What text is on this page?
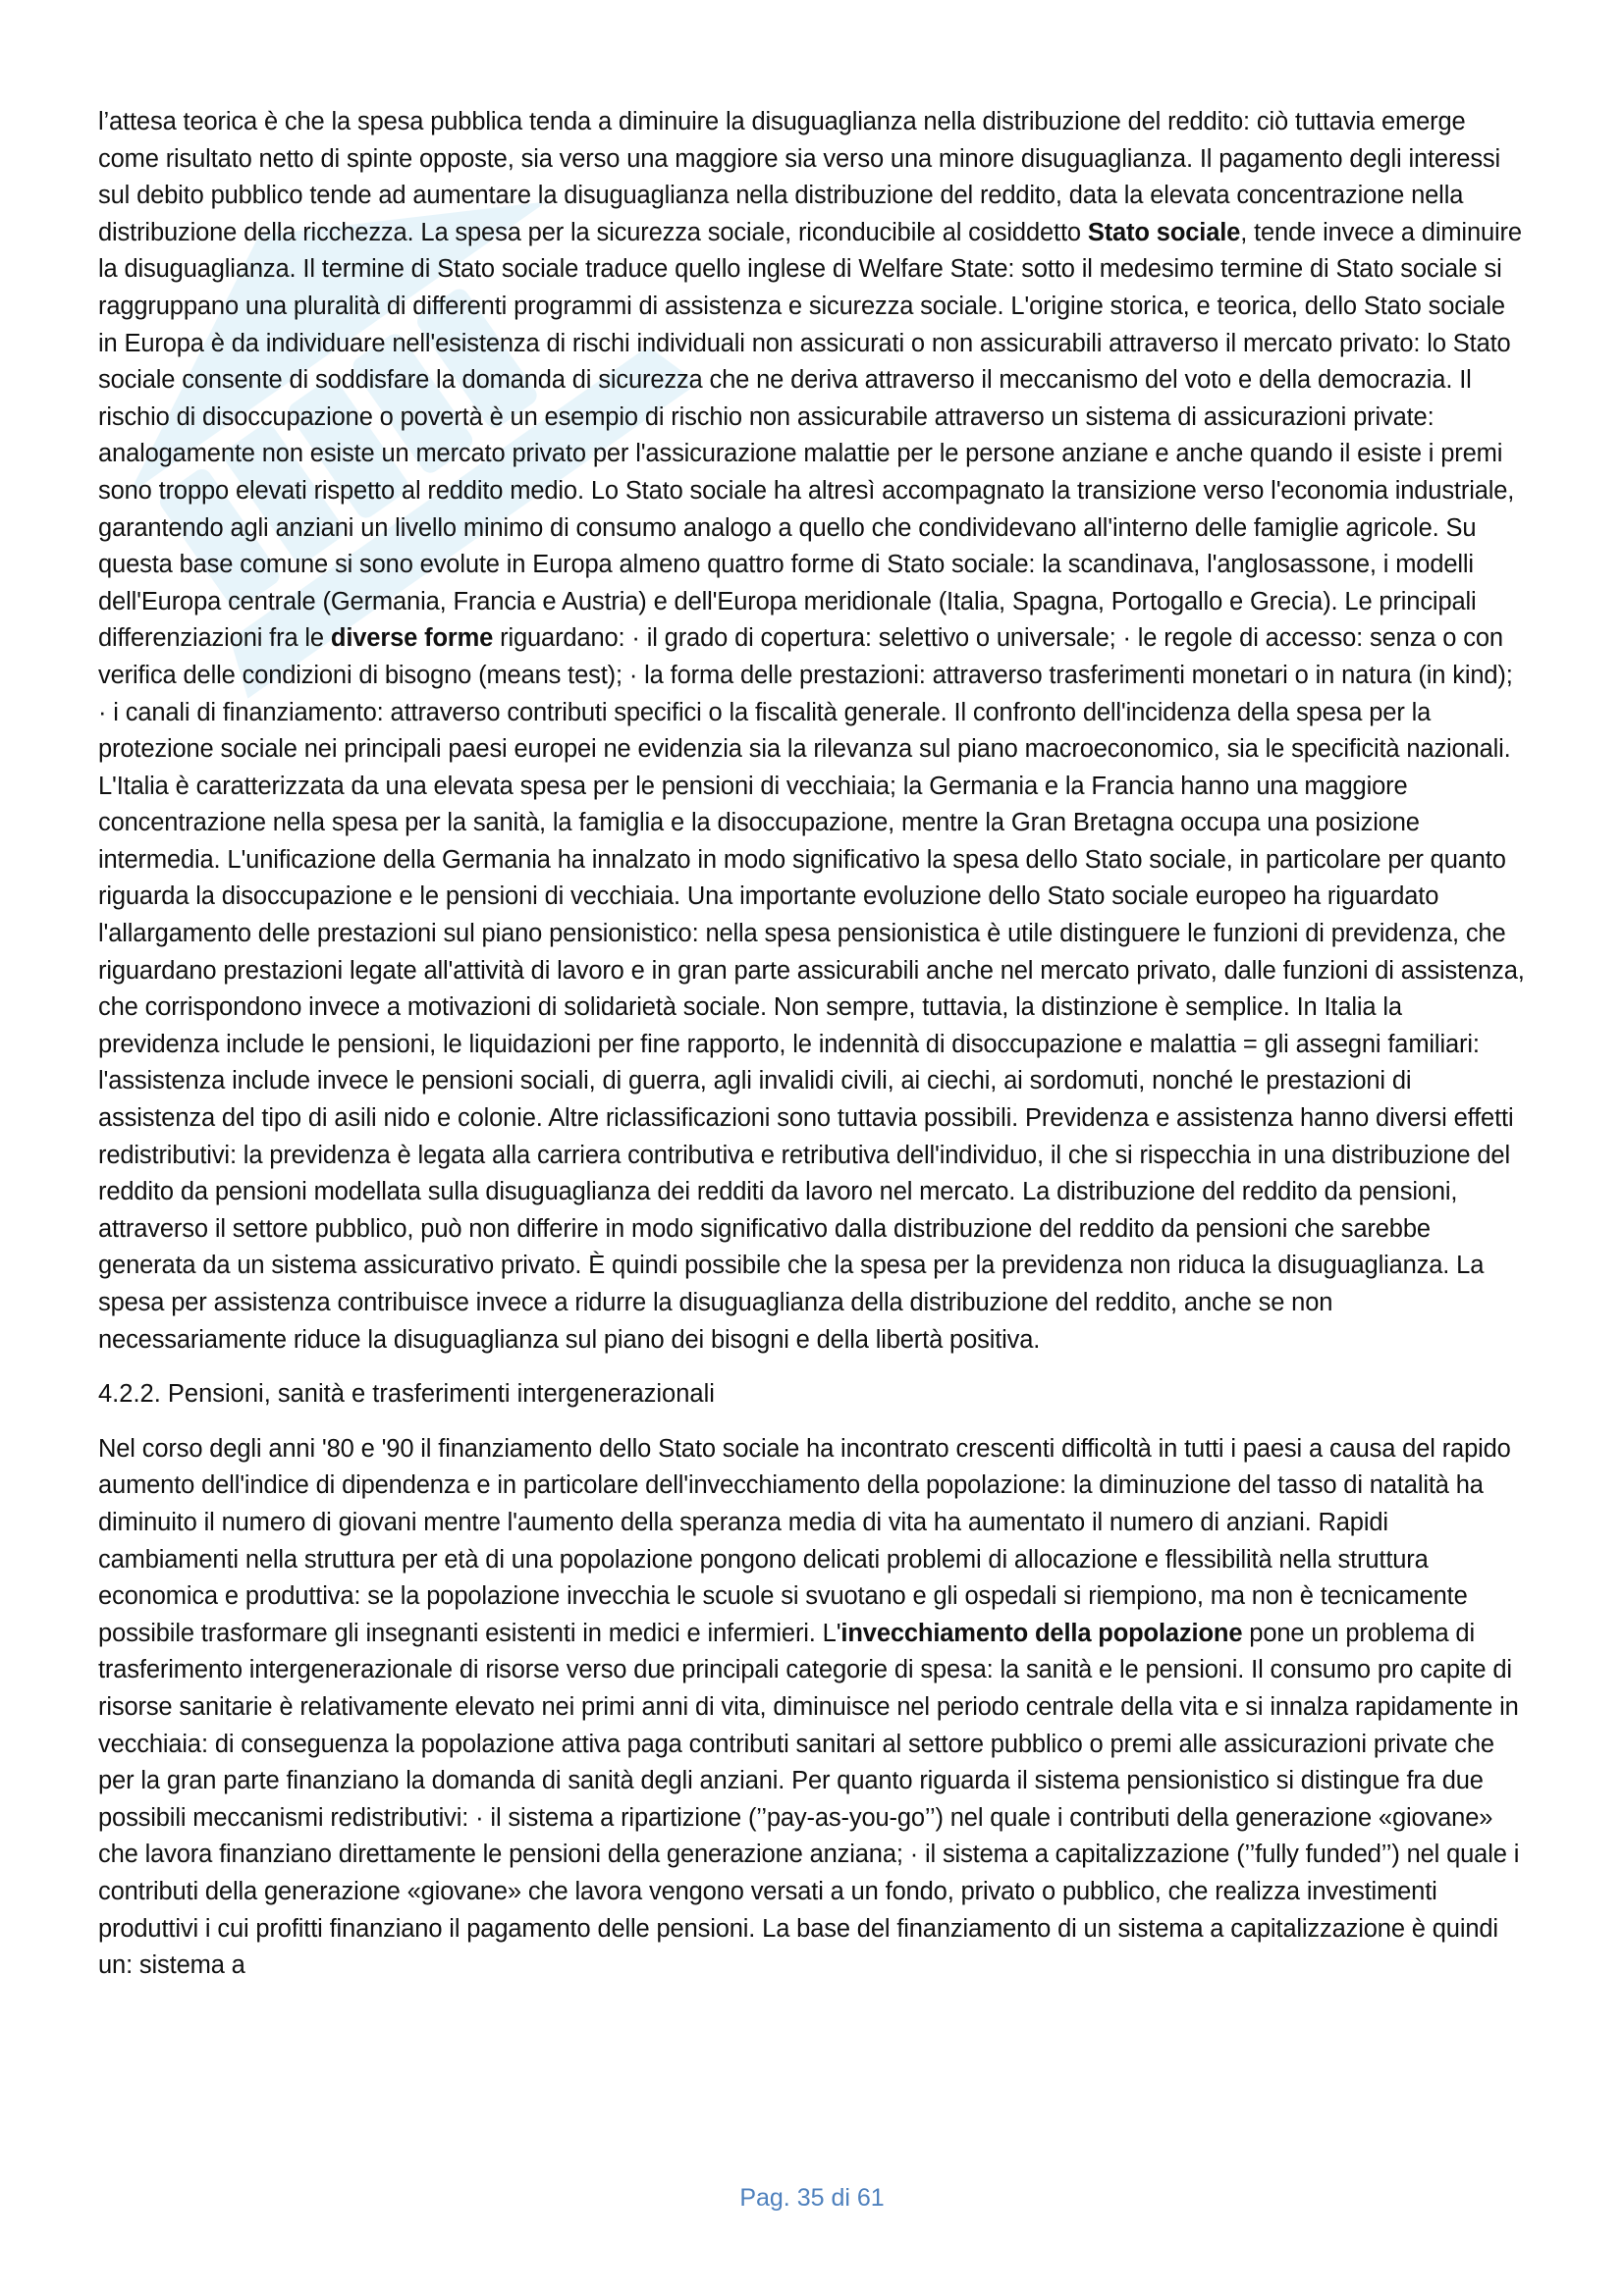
l’attesa teorica è che la spesa pubblica tenda a diminuire la disuguaglianza nella distribuzione del reddito: ciò tuttavia emerge come risultato netto di spinte opposte, sia verso una maggiore sia verso una minore disuguaglianza. Il pagamento degli interessi sul debito pubblico tende ad aumentare la disuguaglianza nella distribuzione del reddito, data la elevata concentrazione nella distribuzione della ricchezza. La spesa per la sicurezza sociale, riconducibile al cosiddetto Stato sociale, tende invece a diminuire la disuguaglianza. Il termine di Stato sociale traduce quello inglese di Welfare State: sotto il medesimo termine di Stato sociale si raggruppano una pluralità di differenti programmi di assistenza e sicurezza sociale. L'origine storica, e teorica, dello Stato sociale in Europa è da individuare nell'esistenza di rischi individuali non assicurati o non assicurabili attraverso il mercato privato: lo Stato sociale consente di soddisfare la domanda di sicurezza che ne deriva attraverso il meccanismo del voto e della democrazia. Il rischio di disoccupazione o povertà è un esempio di rischio non assicurabile attraverso un sistema di assicurazioni private: analogamente non esiste un mercato privato per l'assicurazione malattie per le persone anziane e anche quando il esiste i premi sono troppo elevati rispetto al reddito medio. Lo Stato sociale ha altresì accompagnato la transizione verso l'economia industriale, garantendo agli anziani un livello minimo di consumo analogo a quello che condividevano all'interno delle famiglie agricole. Su questa base comune si sono evolute in Europa almeno quattro forme di Stato sociale: la scandinava, l'anglosassone, i modelli dell'Europa centrale (Germania, Francia e Austria) e dell'Europa meridionale (Italia, Spagna, Portogallo e Grecia). Le principali differenziazioni fra le diverse forme riguardano: · il grado di copertura: selettivo o universale; · le regole di accesso: senza o con verifica delle condizioni di bisogno (means test); · la forma delle prestazioni: attraverso trasferimenti monetari o in natura (in kind); · i canali di finanziamento: attraverso contributi specifici o la fiscalità generale. Il confronto dell'incidenza della spesa per la protezione sociale nei principali paesi europei ne evidenzia sia la rilevanza sul piano macroeconomico, sia le specificità nazionali. L'Italia è caratterizzata da una elevata spesa per le pensioni di vecchiaia; la Germania e la Francia hanno una maggiore concentrazione nella spesa per la sanità, la famiglia e la disoccupazione, mentre la Gran Bretagna occupa una posizione intermedia. L'unificazione della Germania ha innalzato in modo significativo la spesa dello Stato sociale, in particolare per quanto riguarda la disoccupazione e le pensioni di vecchiaia. Una importante evoluzione dello Stato sociale europeo ha riguardato l'allargamento delle prestazioni sul piano pensionistico: nella spesa pensionistica è utile distinguere le funzioni di previdenza, che riguardano prestazioni legate all'attività di lavoro e in gran parte assicurabili anche nel mercato privato, dalle funzioni di assistenza, che corrispondono invece a motivazioni di solidarietà sociale. Non sempre, tuttavia, la distinzione è semplice. In Italia la previdenza include le pensioni, le liquidazioni per fine rapporto, le indennità di disoccupazione e malattia = gli assegni familiari: l'assistenza include invece le pensioni sociali, di guerra, agli invalidi civili, ai ciechi, ai sordomuti, nonché le prestazioni di assistenza del tipo di asili nido e colonie. Altre riclassificazioni sono tuttavia possibili. Previdenza e assistenza hanno diversi effetti redistributivi: la previdenza è legata alla carriera contributiva e retributiva dell'individuo, il che si rispecchia in una distribuzione del reddito da pensioni modellata sulla disuguaglianza dei redditi da lavoro nel mercato. La distribuzione del reddito da pensioni, attraverso il settore pubblico, può non differire in modo significativo dalla distribuzione del reddito da pensioni che sarebbe generata da un sistema assicurativo privato. È quindi possibile che la spesa per la previdenza non riduca la disuguaglianza. La spesa per assistenza contribuisce invece a ridurre la disuguaglianza della distribuzione del reddito, anche se non necessariamente riduce la disuguaglianza sul piano dei bisogni e della libertà positiva.

4.2.2. Pensioni, sanità e trasferimenti intergenerazionali

Nel corso degli anni '80 e '90 il finanziamento dello Stato sociale ha incontrato crescenti difficoltà in tutti i paesi a causa del rapido aumento dell'indice di dipendenza e in particolare dell'invecchiamento della popolazione: la diminuzione del tasso di natalità ha diminuito il numero di giovani mentre l'aumento della speranza media di vita ha aumentato il numero di anziani. Rapidi cambiamenti nella struttura per età di una popolazione pongono delicati problemi di allocazione e flessibilità nella struttura economica e produttiva: se la popolazione invecchia le scuole si svuotano e gli ospedali si riempiono, ma non è tecnicamente possibile trasformare gli insegnanti esistenti in medici e infermieri. L'invecchiamento della popolazione pone un problema di trasferimento intergenerazionale di risorse verso due principali categorie di spesa: la sanità e le pensioni. Il consumo pro capite di risorse sanitarie è relativamente elevato nei primi anni di vita, diminuisce nel periodo centrale della vita e si innalza rapidamente in vecchiaia: di conseguenza la popolazione attiva paga contributi sanitari al settore pubblico o premi alle assicurazioni private che per la gran parte finanziano la domanda di sanità degli anziani. Per quanto riguarda il sistema pensionistico si distingue fra due possibili meccanismi redistributivi: · il sistema a ripartizione (’’pay-as-you-go’’) nel quale i contributi della generazione «giovane» che lavora finanziano direttamente le pensioni della generazione anziana; · il sistema a capitalizzazione (’’fully funded’’) nel quale i contributi della generazione «giovane» che lavora vengono versati a un fondo, privato o pubblico, che realizza investimenti produttivi i cui profitti finanziano il pagamento delle pensioni. La base del finanziamento di un sistema a capitalizzazione è quindi un: sistema a

Pag. 35 di 61
